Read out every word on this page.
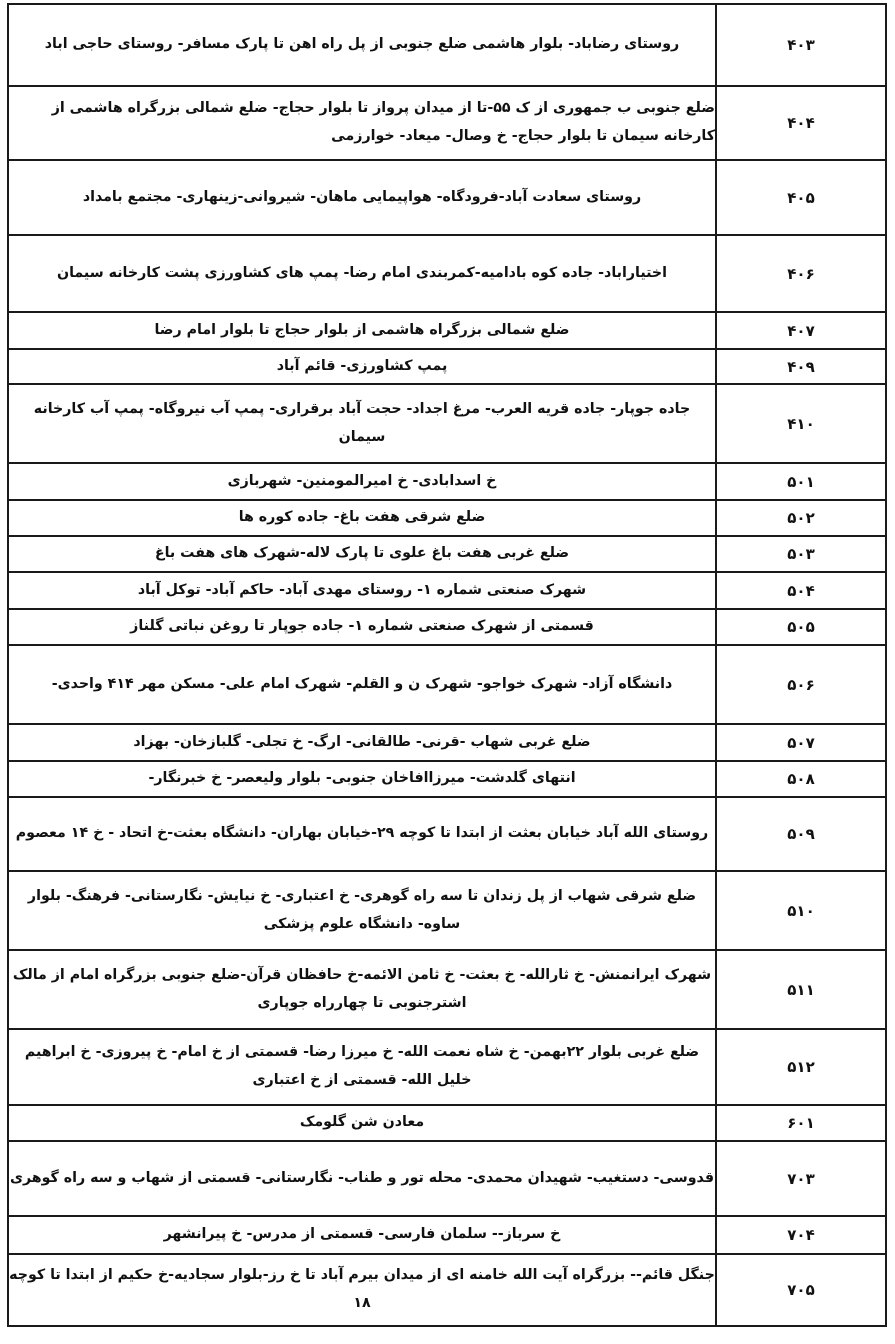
۴۰۳	روستای رضاباد- بلوار هاشمی ضلع جنوبی از پل راه اهن تا پارک مسافر- روستای حاجی اباد
۴۰۴	ضلع جنوبی ب جمهوری از ک ۵۵-تا از میدان پرواز تا بلوار حجاج- ضلع شمالی بزرگراه هاشمی از کارخانه سیمان تا بلوار حجاج- خ وصال- میعاد- خوارزمی
۴۰۵	روستای سعادت آباد-فرودگاه- هواپیمایی ماهان- شیروانی-زینهاری- مجتمع بامداد
۴۰۶	اختیاراباد- جاده کوه بادامیه-کمربندی امام رضا- پمپ های کشاورزی پشت کارخانه سیمان
۴۰۷	ضلع شمالی بزرگراه هاشمی از بلوار حجاج تا بلوار امام رضا
۴۰۹	پمپ کشاورزی- قائم آباد
۴۱۰	جاده جوپار- جاده قریه العرب- مرغ اجداد- حجت آباد برقراری- پمپ آب نیروگاه- پمپ آب کارخانه سیمان
۵۰۱	خ اسدابادی- خ امیرالمومنین- شهربازی
۵۰۲	ضلع شرقی هفت باغ- جاده کوره ها
۵۰۳	ضلع غربی هفت باغ علوی تا پارک لاله-شهرک های هفت باغ
۵۰۴	شهرک صنعتی شماره ۱- روستای مهدی آباد- حاکم آباد- توکل آباد
۵۰۵	قسمتی از شهرک صنعتی شماره ۱- جاده جوپار تا روغن نباتی گلناز
۵۰۶	دانشگاه آزاد- شهرک خواجو- شهرک ن و القلم- شهرک امام علی- مسکن مهر ۴۱۴ واحدی-
۵۰۷	ضلع غربی شهاب -قرنی- طالقانی- ارگ- خ تجلی- گلبازخان- بهزاد
۵۰۸	انتهای گلدشت- میرزاافاخان جنوبی- بلوار ولیعصر- خ خبرنگار-
۵۰۹	روستای الله آباد خیابان بعثت از ابتدا تا کوچه ۲۹-خیابان بهاران- دانشگاه بعثت-خ اتحاد - خ ۱۴ معصوم
۵۱۰	ضلع شرقی شهاب از پل زندان تا سه راه گوهری- خ اعتباری- خ نیایش- نگارستانی- فرهنگ- بلوار ساوه- دانشگاه علوم پزشکی
۵۱۱	شهرک ایرانمنش- خ ثارالله- خ بعثت- خ ثامن الائمه-خ حافظان قرآن-ضلع جنوبی بزرگراه امام از مالک اشترجنوبی تا چهارراه جوپاری
۵۱۲	ضلع غربی بلوار ۲۲بهمن- خ شاه نعمت الله- خ میرزا رضا- قسمتی از خ امام- خ پیروزی- خ ابراهیم خلیل الله- قسمتی از خ اعتباری
۶۰۱	معادن شن گلومک
۷۰۳	قدوسی- دستغیب- شهیدان محمدی- محله تور و طناب- نگارستانی- قسمتی از شهاب و سه راه گوهری
۷۰۴	خ سرباز-- سلمان فارسی- قسمتی از مدرس- خ پیرانشهر
۷۰۵	جنگل قائم-- بزرگراه آیت الله خامنه ای از میدان بیرم آباد تا خ رز-بلوار سجادیه-خ حکیم از ابتدا تا کوچه ۱۸
